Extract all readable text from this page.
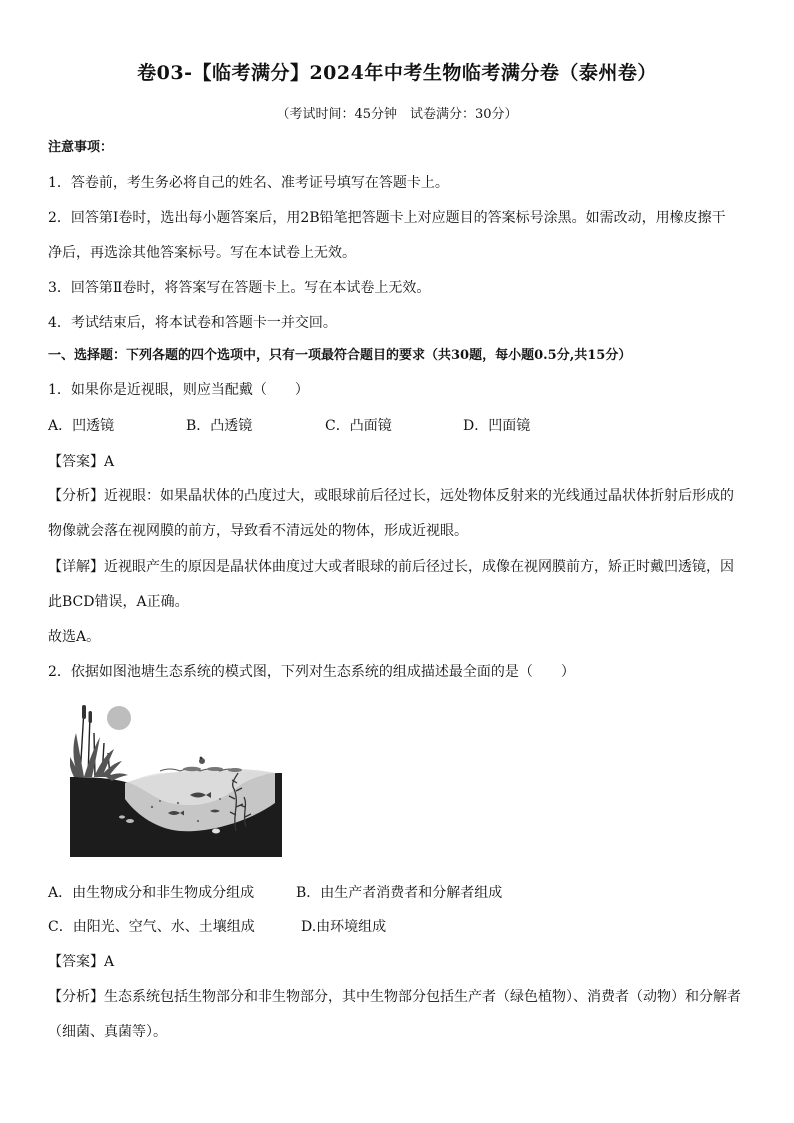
卷03-【临考满分】2024年中考生物临考满分卷（泰州卷）
（考试时间：45分钟　试卷满分：30分）
注意事项：
1．答卷前，考生务必将自己的姓名、准考证号填写在答题卡上。
2．回答第Ⅰ卷时，选出每小题答案后，用2B铅笔把答题卡上对应题目的答案标号涂黑。如需改动，用橡皮擦干
净后，再选涂其他答案标号。写在本试卷上无效。
3．回答第Ⅱ卷时，将答案写在答题卡上。写在本试卷上无效。
4．考试结束后，将本试卷和答题卡一并交回。
一、选择题：下列各题的四个选项中，只有一项最符合题目的要求（共30题，每小题0.5分,共15分）
1．如果你是近视眼，则应当配戴（　　）
A．凹透镜	B．凸透镜	C．凸面镜	D．凹面镜
【答案】A
【分析】近视眼：如果晶状体的凸度过大，或眼球前后径过长，远处物体反射来的光线通过晶状体折射后形成的
物像就会落在视网膜的前方，导致看不清远处的物体，形成近视眼。
【详解】近视眼产生的原因是晶状体曲度过大或者眼球的前后径过长，成像在视网膜前方，矫正时戴凹透镜，因
此BCD错误，A正确。
故选A。
2．依据如图池塘生态系统的模式图，下列对生态系统的组成描述最全面的是（　　）
A．由生物成分和非生物成分组成	B．由生产者消费者和分解者组成
C．由阳光、空气、水、土壤组成	D.由环境组成
【答案】A
【分析】生态系统包括生物部分和非生物部分，其中生物部分包括生产者（绿色植物）、消费者（动物）和分解者
（细菌、真菌等）。
